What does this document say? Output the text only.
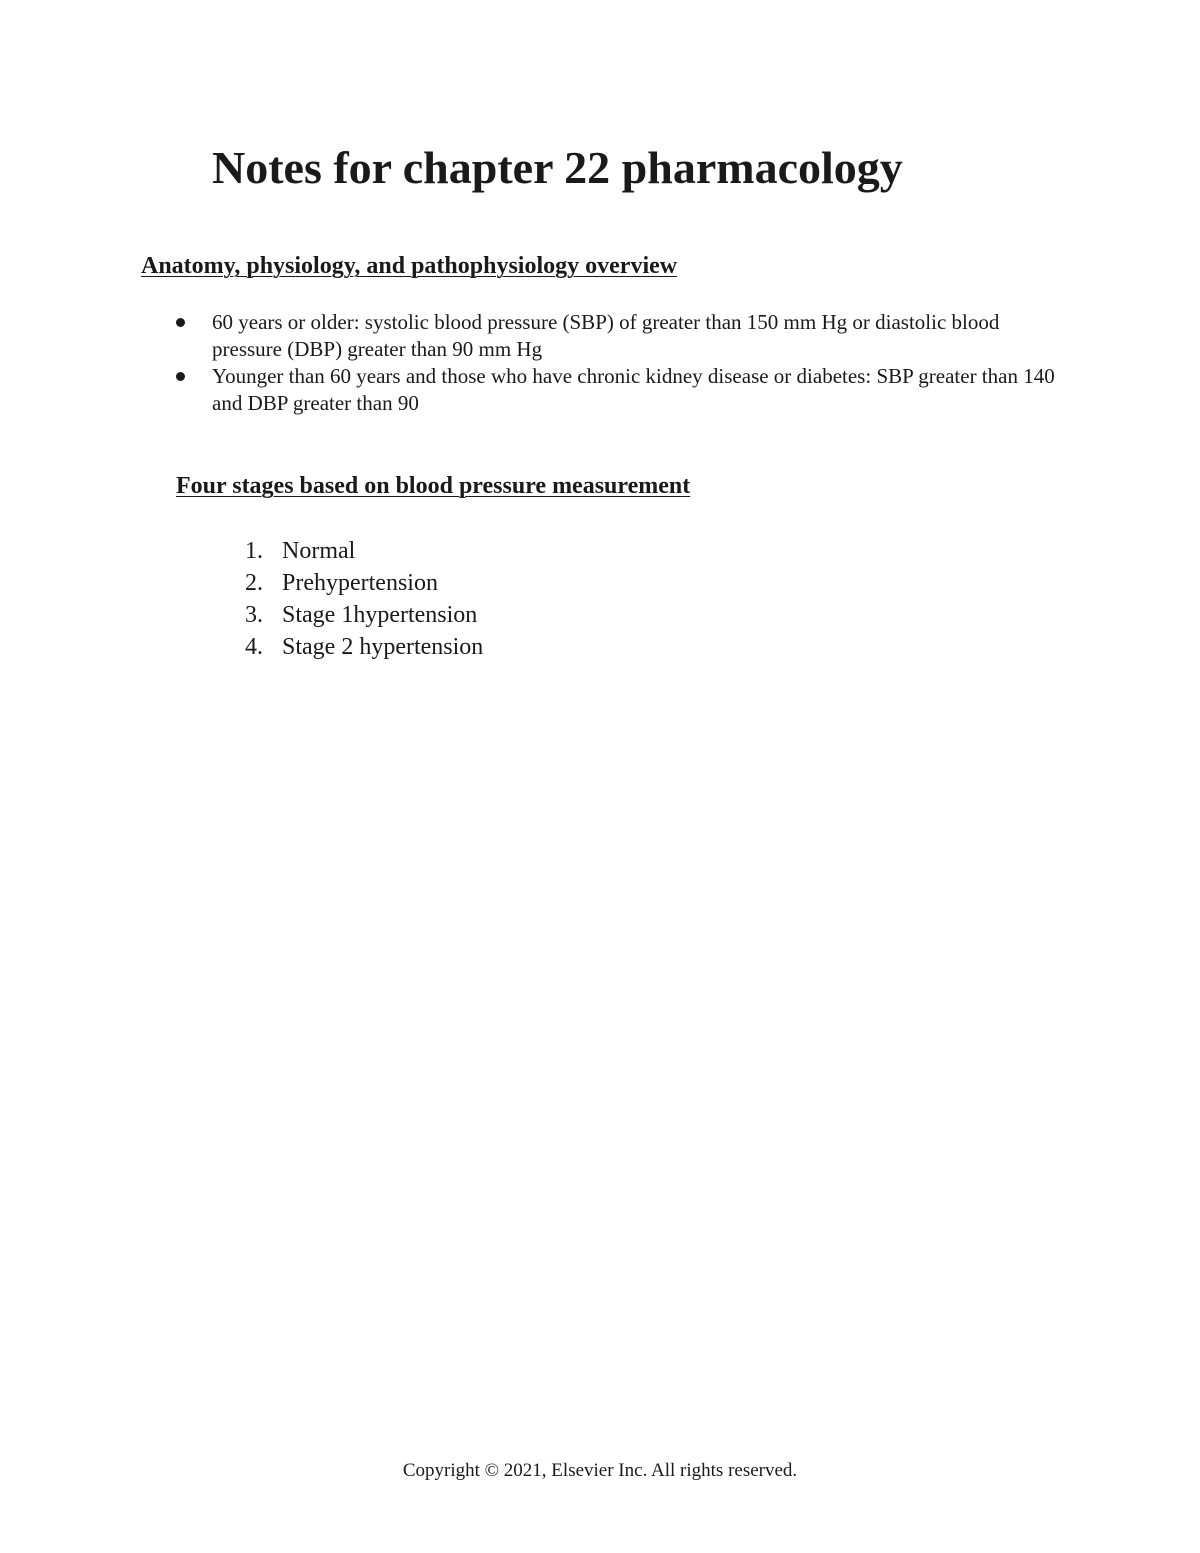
Notes for chapter 22 pharmacology
Anatomy, physiology, and pathophysiology overview
60 years or older: systolic blood pressure (SBP) of greater than 150 mm Hg or diastolic blood pressure (DBP) greater than 90 mm Hg
Younger than 60 years and those who have chronic kidney disease or diabetes: SBP greater than 140 and DBP greater than 90
Four stages based on blood pressure measurement
1. Normal
2. Prehypertension
3. Stage 1hypertension
4. Stage 2 hypertension
Copyright © 2021, Elsevier Inc. All rights reserved.
